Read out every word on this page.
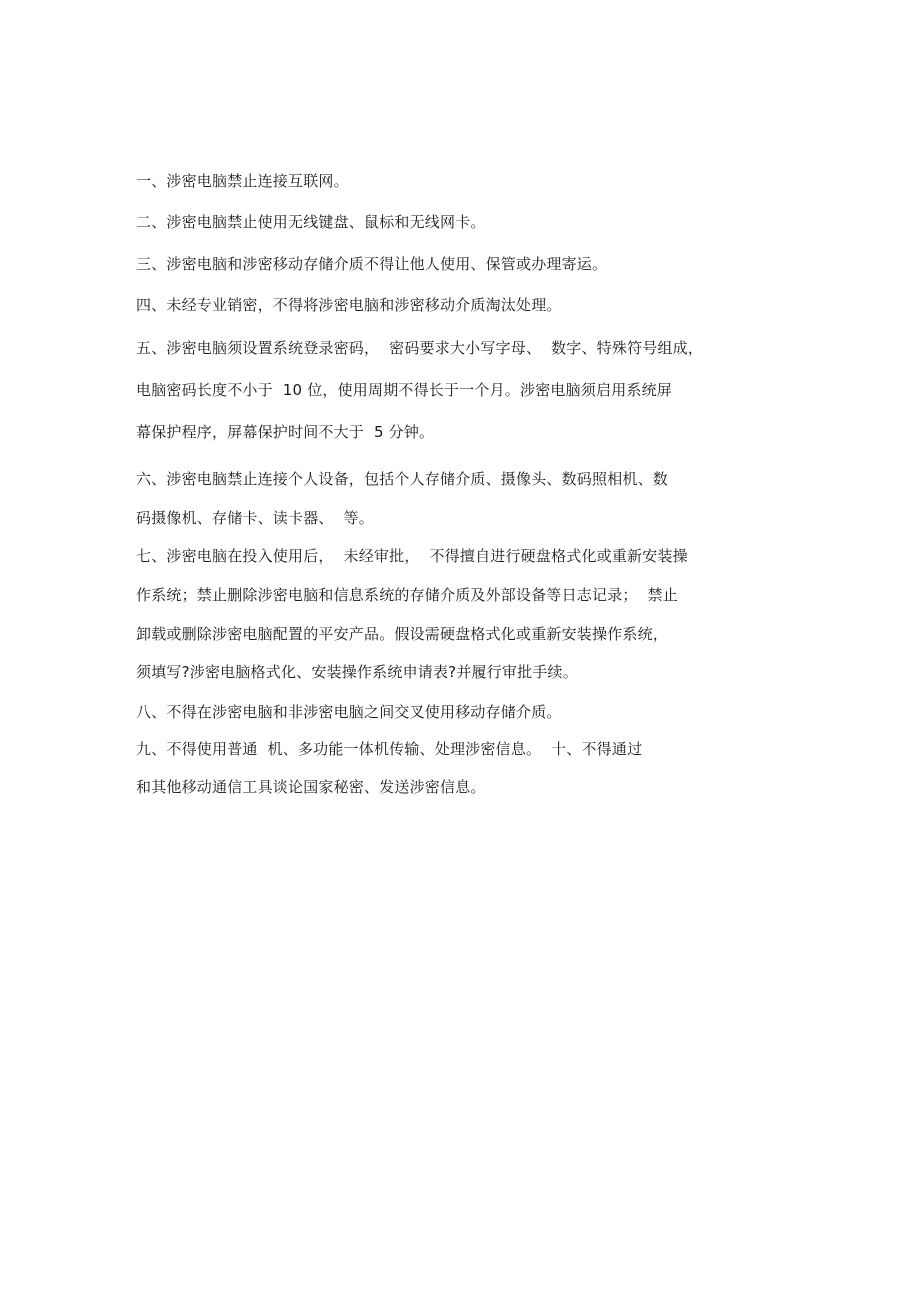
一、涉密电脑禁止连接互联网。
二、涉密电脑禁止使用无线键盘、鼠标和无线网卡。
三、涉密电脑和涉密移动存储介质不得让他人使用、保管或办理寄运。
四、未经专业销密，不得将涉密电脑和涉密移动介质淘汰处理。
五、涉密电脑须设置系统登录密码，  密码要求大小写字母、  数字、特殊符号组成，
电脑密码长度不小于  10 位，使用周期不得长于一个月。涉密电脑须启用系统屏
幕保护程序，屏幕保护时间不大于  5 分钟。
六、涉密电脑禁止连接个人设备，包括个人存储介质、摄像头、数码照相机、数
码摄像机、存储卡、读卡器、  等。
七、涉密电脑在投入使用后，  未经审批，  不得擅自进行硬盘格式化或重新安装操
作系统；禁止删除涉密电脑和信息系统的存储介质及外部设备等日志记录；  禁止
卸载或删除涉密电脑配置的平安产品。假设需硬盘格式化或重新安装操作系统，
须填写?涉密电脑格式化、安装操作系统申请表?并履行审批手续。
八、不得在涉密电脑和非涉密电脑之间交叉使用移动存储介质。
九、不得使用普通  机、多功能一体机传输、处理涉密信息。  十、不得通过
和其他移动通信工具谈论国家秘密、发送涉密信息。
